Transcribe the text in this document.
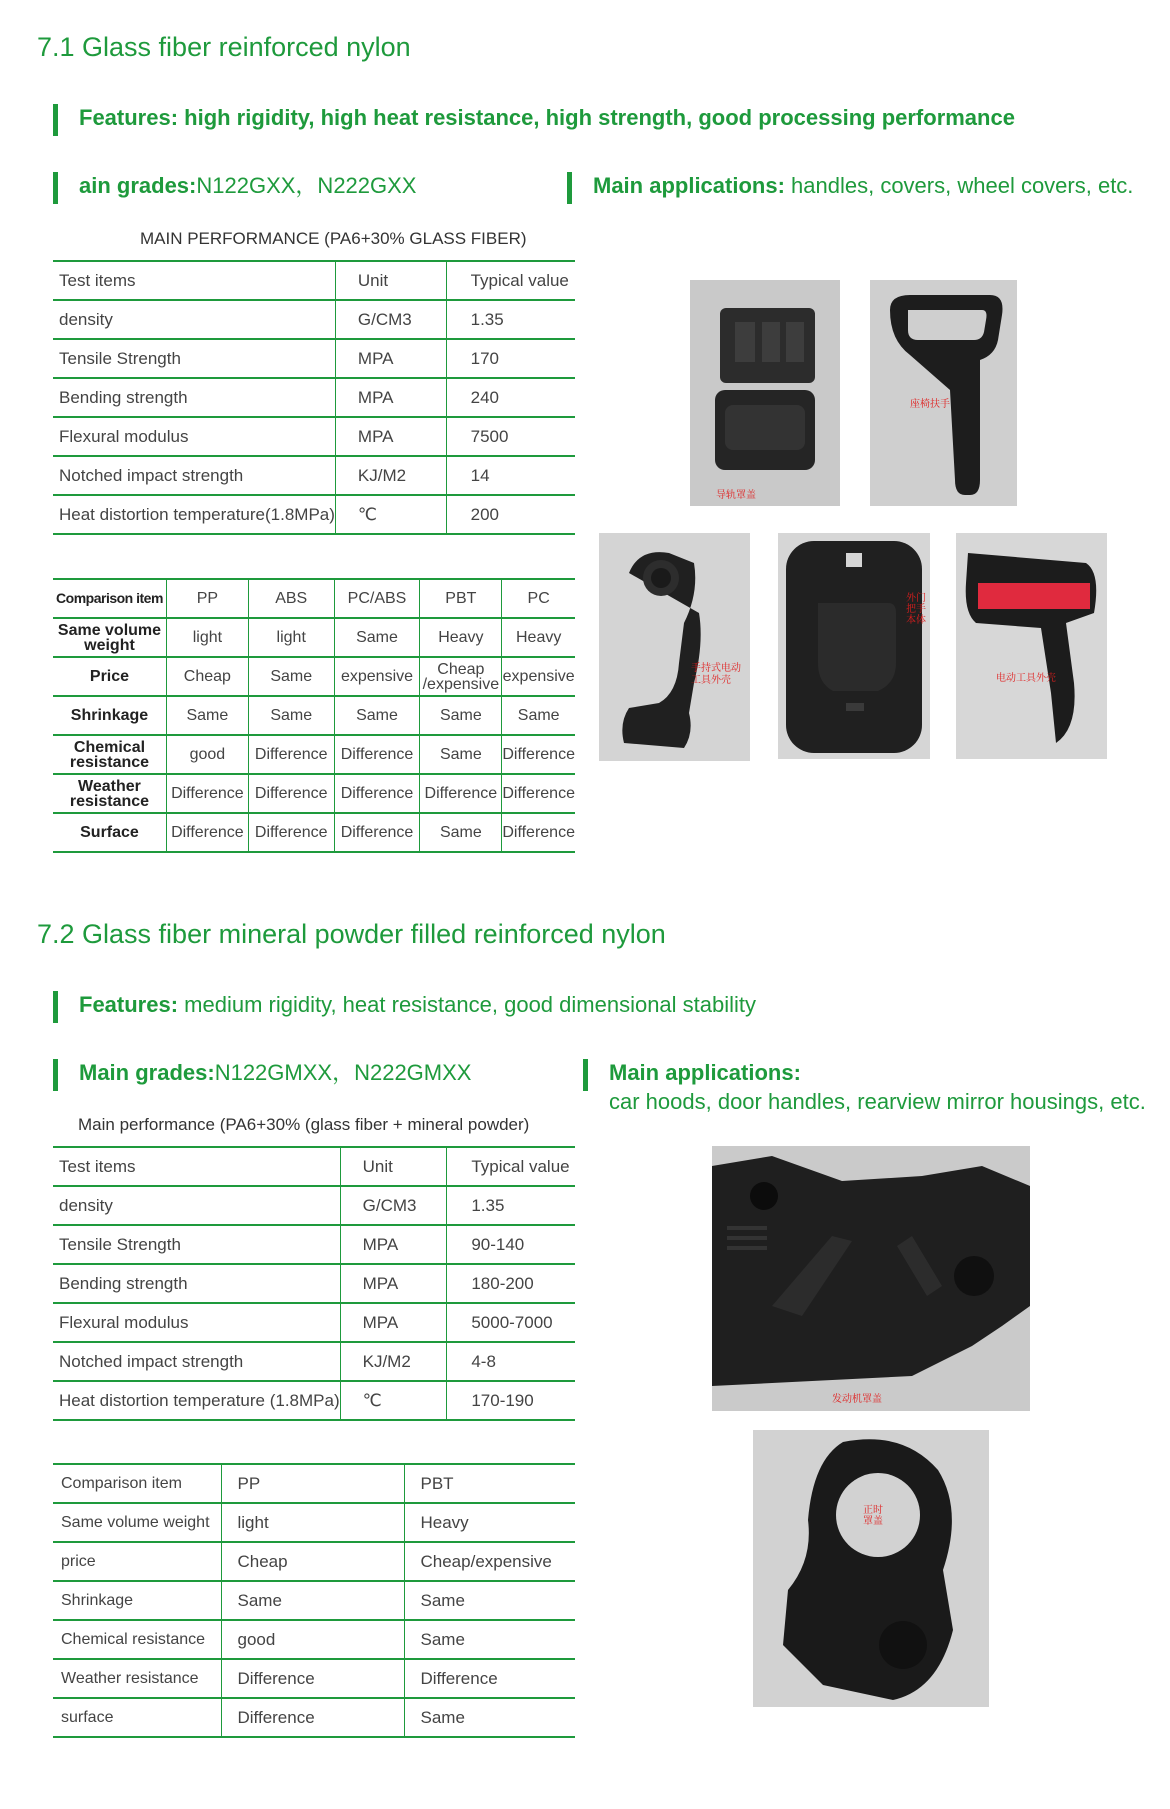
7.1 Glass fiber reinforced nylon
Features: high rigidity, high heat resistance, high strength, good processing performance
ain grades:N122GXX，N222GXX	Main applications: handles, covers, wheel covers, etc.
MAIN PERFORMANCE (PA6+30% GLASS FIBER)
Test items	Unit	Typical value
density	G/CM3	1.35
Tensile Strength	MPA	170
Bending strength	MPA	240
Flexural modulus	MPA	7500
Notched impact strength	KJ/M2	14
Heat distortion temperature(1.8MPa)	℃	200
Comparison item	PP	ABS	PC/ABS	PBT	PC
Same volume weight	light	light	Same	Heavy	Heavy
Price	Cheap	Same	expensive	Cheap /expensive	expensive
Shrinkage	Same	Same	Same	Same	Same
Chemical resistance	good	Difference	Difference	Same	Difference
Weather resistance	Difference	Difference	Difference	Difference	Difference
Surface	Difference	Difference	Difference	Same	Difference
导轨罩盖
座椅扶手
手持式电动工具外壳
外门把手本体
电动工具外壳
7.2 Glass fiber mineral powder filled reinforced nylon
Features: medium rigidity, heat resistance, good dimensional stability
Main grades:N122GMXX，N222GMXX	Main applications:
car hoods, door handles, rearview mirror housings, etc.
Main performance (PA6+30% (glass fiber + mineral powder)
Test items	Unit	Typical value
density	G/CM3	1.35
Tensile Strength	MPA	90-140
Bending strength	MPA	180-200
Flexural modulus	MPA	5000-7000
Notched impact strength	KJ/M2	4-8
Heat distortion temperature (1.8MPa)	℃	170-190
Comparison item	PP	PBT
Same volume weight	light	Heavy
price	Cheap	Cheap/expensive
Shrinkage	Same	Same
Chemical resistance	good	Same
Weather resistance	Difference	Difference
surface	Difference	Same
发动机罩盖
正时罩盖
